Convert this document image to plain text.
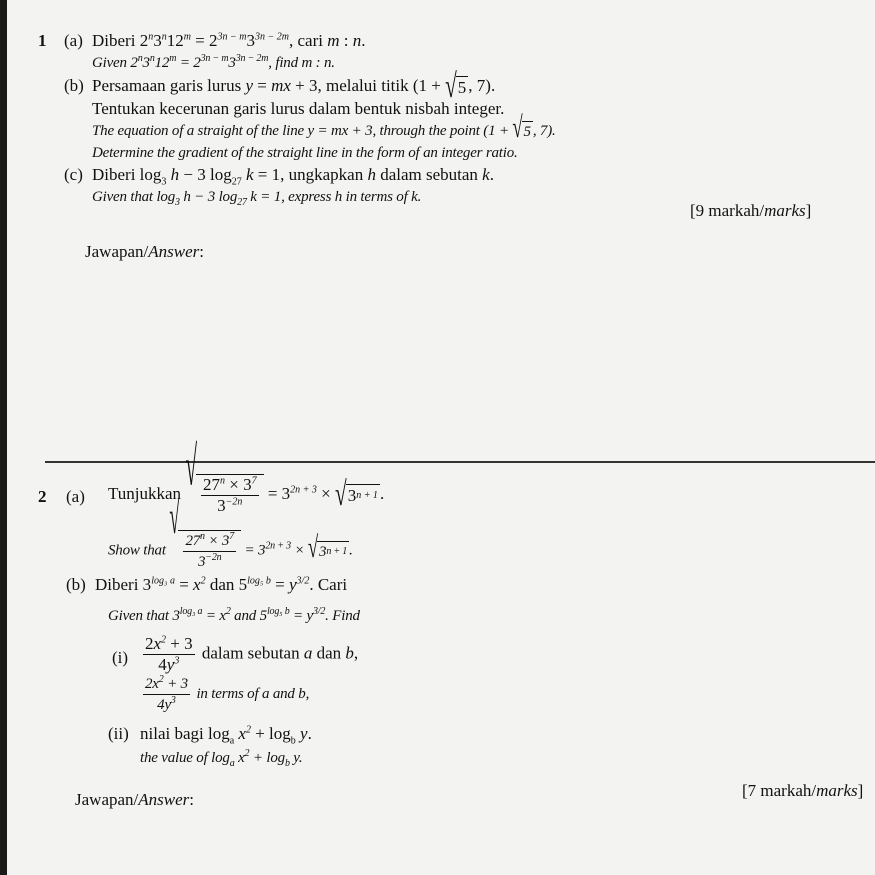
1 (a) Diberi $2^n3^n12^m = 2^{3n - m}3^{3n - 2m}$, cari m : n.
Given $2^n3^n12^m = 2^{3n - m}3^{3n - 2m}$, find m : n.
(b) Persamaan garis lurus y = mx + 3, melalui titik (1 + √ 5 , 7).
Tentukan kecerunan garis lurus dalam bentuk nisbah integer.
The equation of a straight of the line y = mx + 3, through the point (1 + √ 5 , 7).
Determine the gradient of the straight line in the form of an integer ratio.
(c) Diberi $\log_3 h - 3$ $\log_{27} k = 1$, ungkapkan h dalam sebutan k.
Given that $\log_3 h - 3$ $\log_{27} k = 1$, express h in terms of k.
[9 markah/marks]
Jawapan/Answer:
2 (a) Tunjukkan √ $\frac{27^n \times 3^7}{3^{-2n}} = 3^{2n + 3}$ × √ 3 n + 1 .
Show that
√
$\frac{27^n \times 3^7}{3^{-2n}} = 3^{2n + 3}$ × √ 3 n + 1 .
(b) Diberi $3^{log_3 a} = x^2$ dan $5^{log_5 b} = y^{3/2}$. Cari
Given that $3^{log_3 a} = x^2$ and $5^{log_5 b} = y^{3/2}$. Find
$(i) \frac{2x^2 + 3}{4y^3}$ dalam sebutan a dan b,
$\frac{2x^2 + 3}{4y^3}$ in terms of a and b,
(ii) nilai bagi $\log_a x^2 + \log_b y$.
the value of $\log_a x^2 + \log_b y$.
[7 markah/marks]
Jawapan/Answer:
